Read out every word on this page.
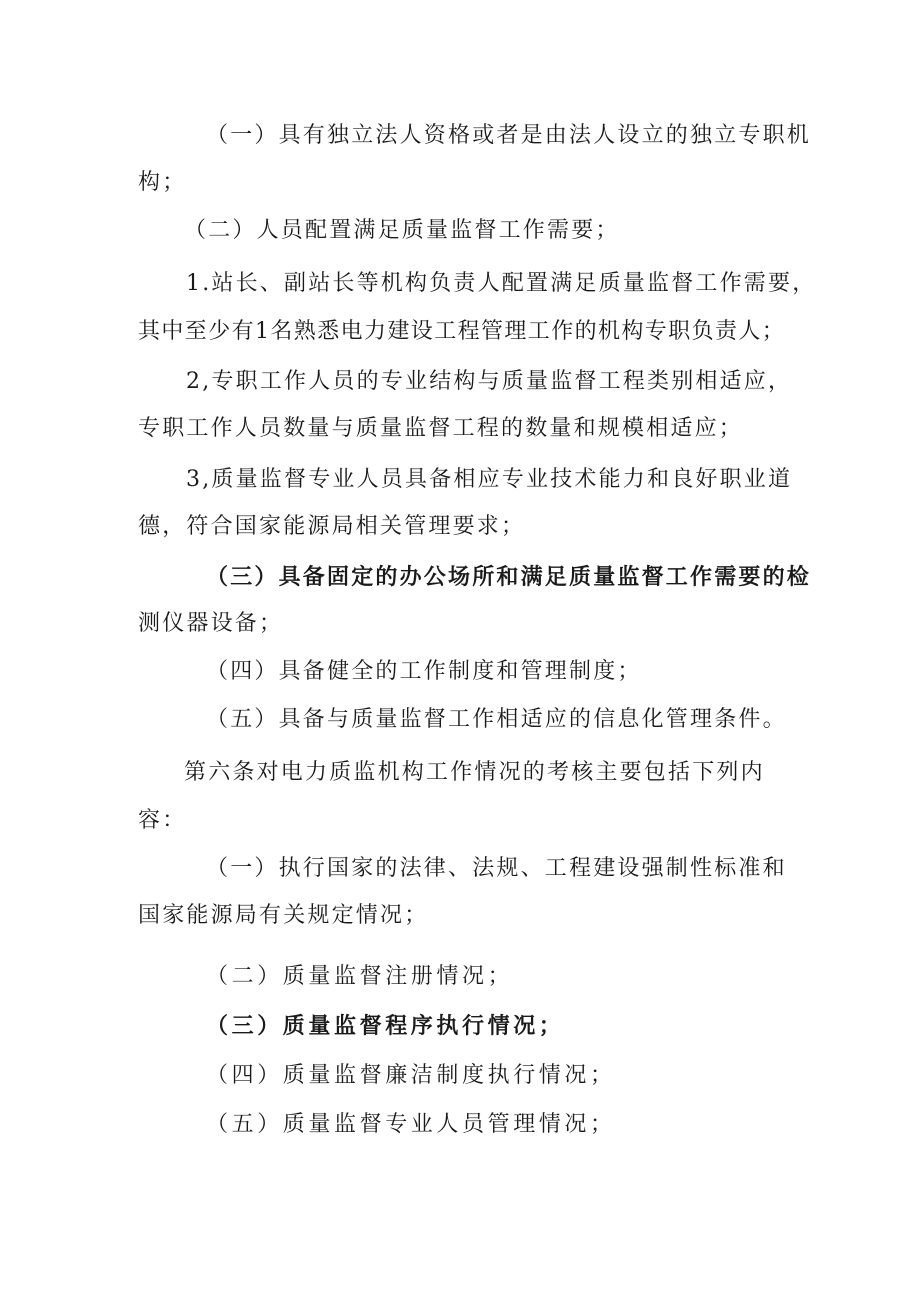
（一）具有独立法人资格或者是由法人设立的独立专职机
构；
（二）人员配置满足质量监督工作需要；
1.站长、副站长等机构负责人配置满足质量监督工作需要，
其中至少有1名熟悉电力建设工程管理工作的机构专职负责人；
2,专职工作人员的专业结构与质量监督工程类别相适应，
专职工作人员数量与质量监督工程的数量和规模相适应；
3,质量监督专业人员具备相应专业技术能力和良好职业道
德，符合国家能源局相关管理要求；
（三）具备固定的办公场所和满足质量监督工作需要的检
测仪器设备；
（四）具备健全的工作制度和管理制度；
（五）具备与质量监督工作相适应的信息化管理条件。
第六条对电力质监机构工作情况的考核主要包括下列内
容：
（一）执行国家的法律、法规、工程建设强制性标准和
国家能源局有关规定情况；
（二）质量监督注册情况；
（三）质量监督程序执行情况；
（四）质量监督廉洁制度执行情况；
（五）质量监督专业人员管理情况；
